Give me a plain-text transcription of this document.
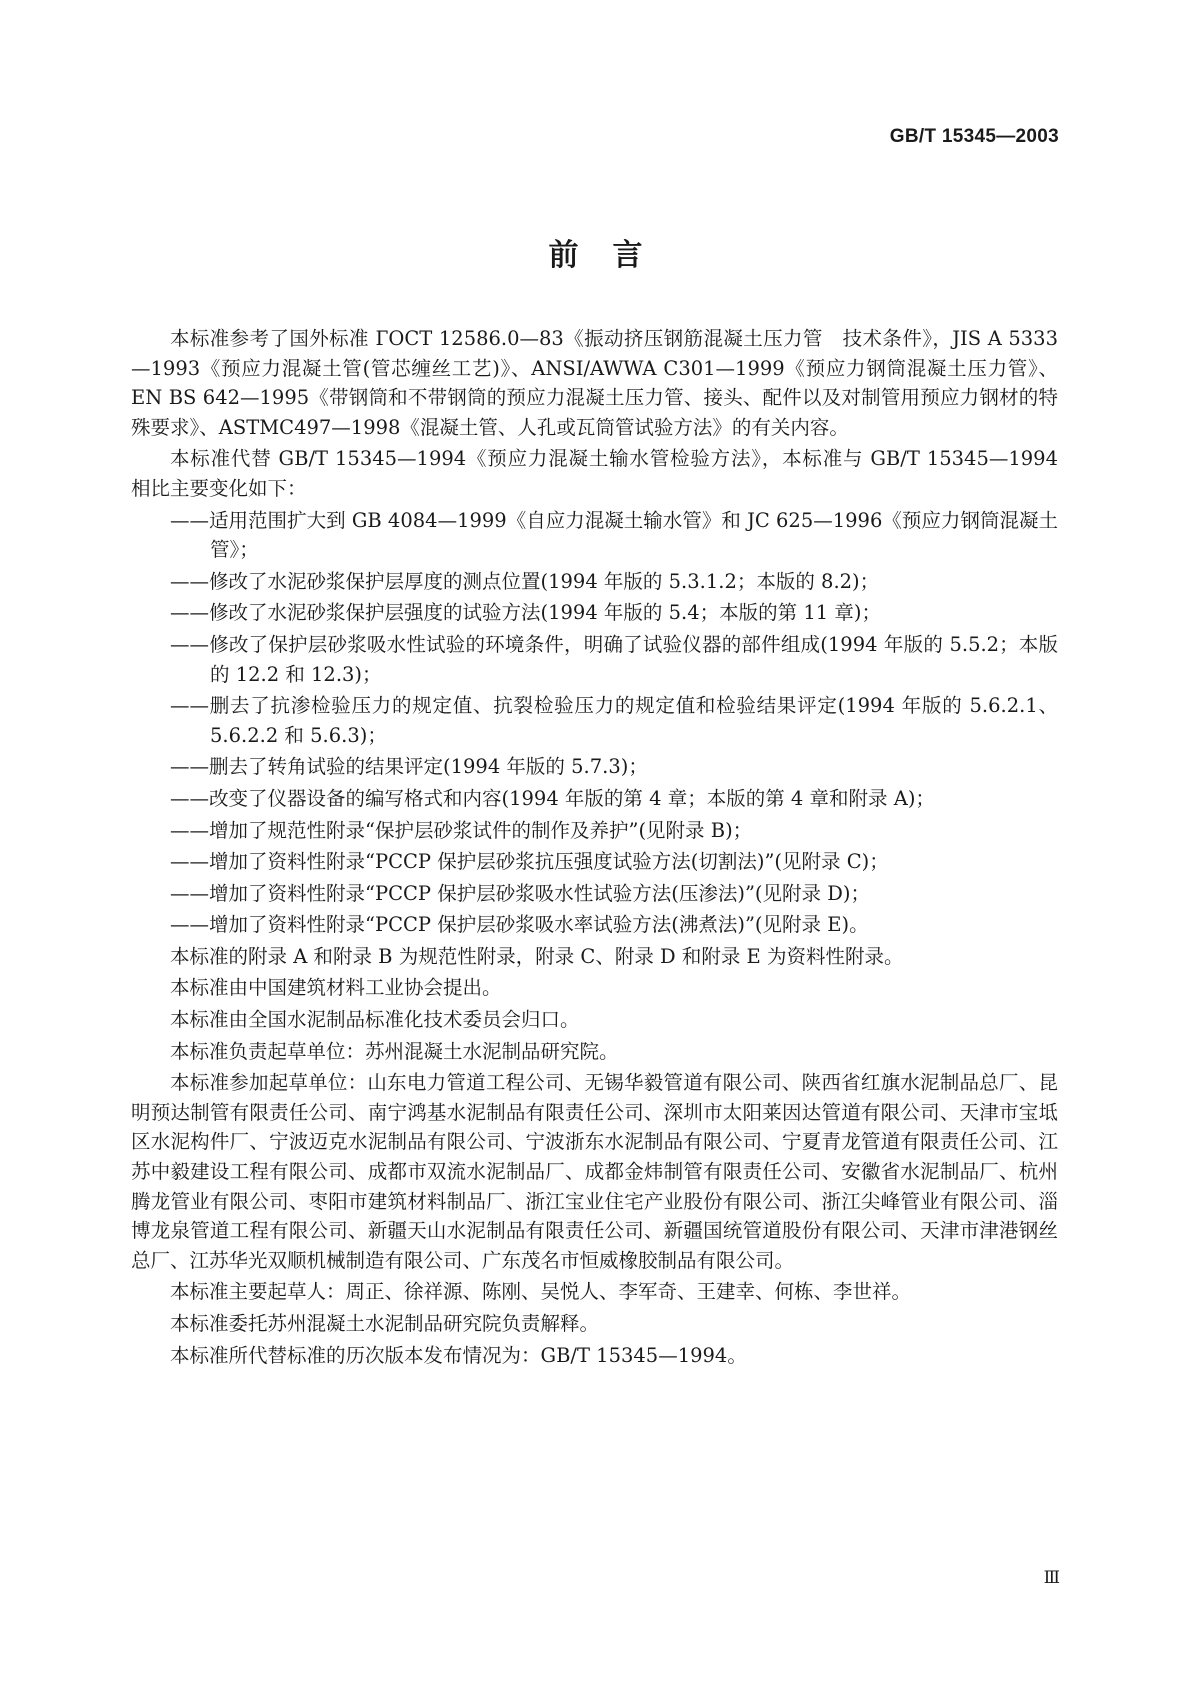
GB/T 15345—2003
前言

本标准参考了国外标准 ГОСТ 12586.0—83《振动挤压钢筋混凝土压力管　技术条件》，JIS A 5333—1993《预应力混凝土管(管芯缠丝工艺)》、ANSI/AWWA C301—1999《预应力钢筒混凝土压力管》、EN BS 642—1995《带钢筒和不带钢筒的预应力混凝土压力管、接头、配件以及对制管用预应力钢材的特殊要求》、ASTMC497—1998《混凝土管、人孔或瓦筒管试验方法》的有关内容。

本标准代替 GB/T 15345—1994《预应力混凝土输水管检验方法》，本标准与 GB/T 15345—1994 相比主要变化如下：

——适用范围扩大到 GB 4084—1999《自应力混凝土输水管》和 JC 625—1996《预应力钢筒混凝土管》；

——修改了水泥砂浆保护层厚度的测点位置(1994 年版的 5.3.1.2；本版的 8.2)；

——修改了水泥砂浆保护层强度的试验方法(1994 年版的 5.4；本版的第 11 章)；

——修改了保护层砂浆吸水性试验的环境条件，明确了试验仪器的部件组成(1994 年版的 5.5.2；本版的 12.2 和 12.3)；

——删去了抗渗检验压力的规定值、抗裂检验压力的规定值和检验结果评定(1994 年版的 5.6.2.1、5.6.2.2 和 5.6.3)；

——删去了转角试验的结果评定(1994 年版的 5.7.3)；

——改变了仪器设备的编写格式和内容(1994 年版的第 4 章；本版的第 4 章和附录 A)；

——增加了规范性附录“保护层砂浆试件的制作及养护”(见附录 B)；

——增加了资料性附录“PCCP 保护层砂浆抗压强度试验方法(切割法)”(见附录 C)；

——增加了资料性附录“PCCP 保护层砂浆吸水性试验方法(压渗法)”(见附录 D)；

——增加了资料性附录“PCCP 保护层砂浆吸水率试验方法(沸煮法)”(见附录 E)。

本标准的附录 A 和附录 B 为规范性附录，附录 C、附录 D 和附录 E 为资料性附录。

本标准由中国建筑材料工业协会提出。

本标准由全国水泥制品标准化技术委员会归口。

本标准负责起草单位：苏州混凝土水泥制品研究院。

本标准参加起草单位：山东电力管道工程公司、无锡华毅管道有限公司、陕西省红旗水泥制品总厂、昆明预达制管有限责任公司、南宁鸿基水泥制品有限责任公司、深圳市太阳莱因达管道有限公司、天津市宝坻区水泥构件厂、宁波迈克水泥制品有限公司、宁波浙东水泥制品有限公司、宁夏青龙管道有限责任公司、江苏中毅建设工程有限公司、成都市双流水泥制品厂、成都金炜制管有限责任公司、安徽省水泥制品厂、杭州腾龙管业有限公司、枣阳市建筑材料制品厂、浙江宝业住宅产业股份有限公司、浙江尖峰管业有限公司、淄博龙泉管道工程有限公司、新疆天山水泥制品有限责任公司、新疆国统管道股份有限公司、天津市津港钢丝总厂、江苏华光双顺机械制造有限公司、广东茂名市恒威橡胶制品有限公司。

本标准主要起草人：周正、徐祥源、陈刚、吴悦人、李军奇、王建幸、何栋、李世祥。

本标准委托苏州混凝土水泥制品研究院负责解释。

本标准所代替标准的历次版本发布情况为：GB/T 15345—1994。

Ⅲ
